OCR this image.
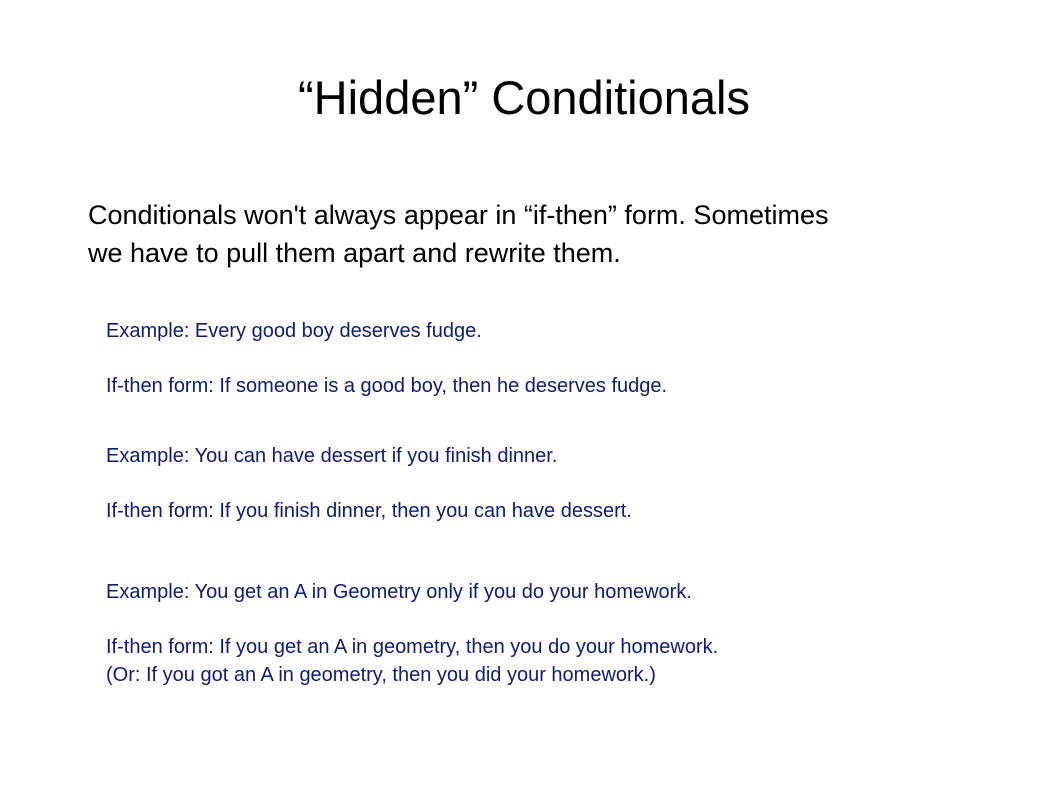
“Hidden” Conditionals

Conditionals won't always appear in “if-then” form. Sometimes

we have to pull them apart and rewrite them.

Example: Every good boy deserves fudge.
If-then form: If someone is a good boy, then he deserves fudge.
Example: You can have dessert if you finish dinner.
If-then form: If you finish dinner, then you can have dessert.
Example: You get an A in Geometry only if you do your homework.
If-then form: If you get an A in geometry, then you do your homework.
(Or: If you got an A in geometry, then you did your homework.)
